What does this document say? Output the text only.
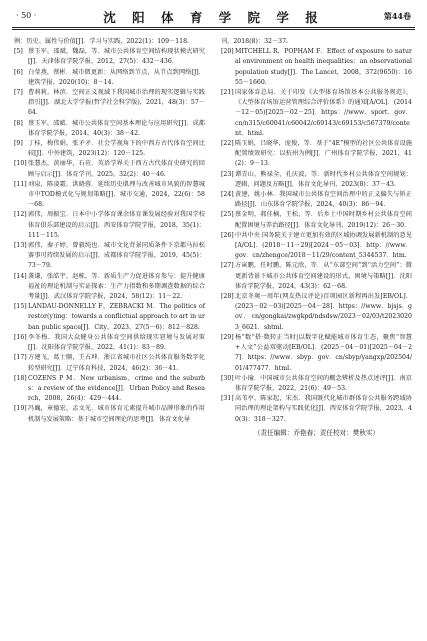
· 50 ·	沈 阳 体 育 学 院 学 报	第44卷
例：历史、属性与价值[J]．学习与实践，2022(1)：109－118.
[5] 蔡玉军，邵斌，魏磊，等．城市公共体育空间结构现状模式研究[J]．天津体育学院学报，2012，27(5)：432－436.
[6] 白莹燕，蔡彬．城市微更新：从网络到节点，从节点到网络[J]．建筑学报，2020(10)：8－14.
[7] 曹莉莉，林滨．空间正义视域下我国城市治理的现实逻辑与实践指引[J]．湖北大学学报(哲学社会科学版)，2021，48(3)：57－64.
[8] 蔡玉军，邵斌．城市公共体育空间基本理论与应用研究[J]．成都体育学院学报，2014，40(3)：38－42.
[9] 丁桂，梅伟娟，张矛矛．社会学视角下的中西方古代体育空间比较[J]．中外建筑，2023(12)：120－125.
[10] 张慧杰，黄丽华，石莅．英语学界关于西方古代体育史研究的回顾与启示[J]．体育学刊，2025，32(2)：40－46.
[11] 刘泉，陈凌霜，洪晓蓉．延续历史肌理与改善城市风貌的智慧城市中TOD模式化与规划策略[J]．城市交通，2024，22(6)：58－68.
[12] 郭伟，周振宝．日本中小学体育课余体育课发展经验对我国学校体育俱乐部建设的启示[J]．西安体育学院学报，2018，35(1)：111－115.
[13] 郭伟，秦子婷，曾毅纯也．城市文化背景同质条件下京都马拉松赛事可持续发展的启示[J]．成都体育学院学报，2019，45(5)：73－79.
[14] 龚谦，张皓宇，赵栋，等．新质生产力促进体育参与：提升健康福祉的理论机制与实证探索：生产力指数和多期调查数据的综合考量[J]．武汉体育学院学报，2024，58(12)：11－22.
[15] LANDAU-DONNELLY F，ZEBRACKI M．The politics of restor(y)ing：towards a conflictual approach to art in urban public space[J]．City，2023，27(5－6)：812－828.
[16] 李冬梅．我国大众健身公共体育空间供给现实窘境与发展对策[J]．沈阳体育学院学报，2022，41(1)：83－89.
[17] 方建飞，葛士顺，王占坤．浙江省城市社区公共体育服务数字化转型研究[J]．辽宁体育科技，2024，46(2)：36－41.
[18] COZENS P M．New urbanism，crime and the suburbs：a review of the evidence[J]．Urban Policy and Research，2008，26(4)：429－444.
[19] 冯巍，章德宏，孟文光．城市体育元素提升城市品牌形象的作用机制与发展策略：基于城市空间理论的思考[J]．体育文化导
刊，2018(8)：32－37.
[20] MITCHELL R，POPHAM F．Effect of exposure to natural environment on health inequalities：an observational population study[J]．The Lancet，2008，372(9650)：1655－1660.
[21] 国家体育总局．关于印发《大型体育场馆基本公共服务规范》、《大型体育场馆运营管理综合评价体系》的通知[A/OL]．(2014－12－05)[2025－02－25]．https：//www．sport．gov．cn/n315/c60041/c60042/c69143/c69153/c567379/content．html.
[22] 陈玉娟，吕晓华，庞俊，等．基于“4E”模型的社区公共体育设施配置绩效研究：以杭州为例[J]．广州体育学院学报，2021，41(2)：9－13.
[23] 谭青山，熊禄全，孔庆波，等．新时代乡村公共体育空间规划：逻辑、问题及方略[J]．体育文化导刊，2023(8)：37－43.
[24] 黄建，姚小林．我国城市公共体育空间治理中的正义偏失与矫正路径[J]．山东体育学院学报，2024，40(3)：86－94.
[25] 蔡金明，郝佳楠，王松，等．后乡土中国时期乡村公共体育空间配置困境与养治路径[J]．体育文化导刊，2019(12)：26－30.
[26] 中共中央 国务院关于建立更加有效的区域协调发展新机制的意见[A/OL]．(2018－11－29)[2024－05－03]．http：//www．gov．cn/zhengce/2018－11/29/content_5344537．htm.
[27] 方寅鹏，任时鹏，陈元欣，等．从“东部空间”到“活力空间”：微更新背景下城市公共体育空间建设的形式、困境与策略[J]．沈阳体育学院学报，2024，43(3)：62－68.
[28] 北京冬奥一周年(网友热议评论)百项园区新程再出发[EB/OL]．(2023－02－03)[2025－04－28]．https：//www．bjsjs．gov．cn/gongkai/zwgkpd/ndsdsw/2023－02/03/t20230203_6621．shtml.
[29] 杨“数”搭·数转正当时|以数字化赋能城市体育生态，聚焦“智慧+人文”公益双驱动[EB/OL]．(2025－04－01)[2025－04－27]．https：//www．sbyp．gov．cn/sbyp/yangxp/202504/01/477477．html.
[30] 叶小瑜．中国城市公共体育空间的概念辨析及热点述评[J]．南京体育学院学报，2022，21(6)：49－53.
[31] 高苇亭，陈家起，宋杰．我国既代化城市群体育公共服务跨域协同治理的理论架构与实践优化[J]．西安体育学院学报，2023，40(3)：318－327.
（责任编辑：乔艳春；责任校对：樊秋实）
